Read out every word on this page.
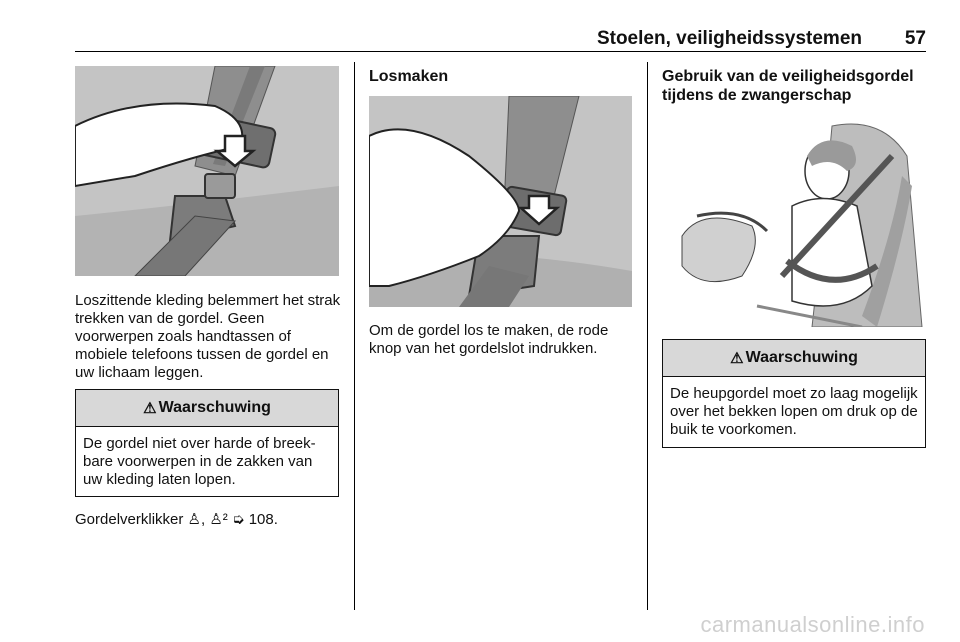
Stoelen, veiligheidssystemen 57
Loszittende kleding belemmert het strak trekken van de gordel. Geen voorwerpen zoals handtassen of mobiele telefoons tussen de gordel en uw lichaam leggen.
⚠ Waarschuwing
De gordel niet over harde of breek-bare voorwerpen in de zakken van uw kleding laten lopen.
Gordelverklikker ♙, ♙² ➭ 108.
Losmaken
Om de gordel los te maken, de rode knop van het gordelslot indrukken.
Gebruik van de veiligheidsgordel tijdens de zwangerschap
⚠ Waarschuwing
De heupgordel moet zo laag mogelijk over het bekken lopen om druk op de buik te voorkomen.
carmanualsonline.info
